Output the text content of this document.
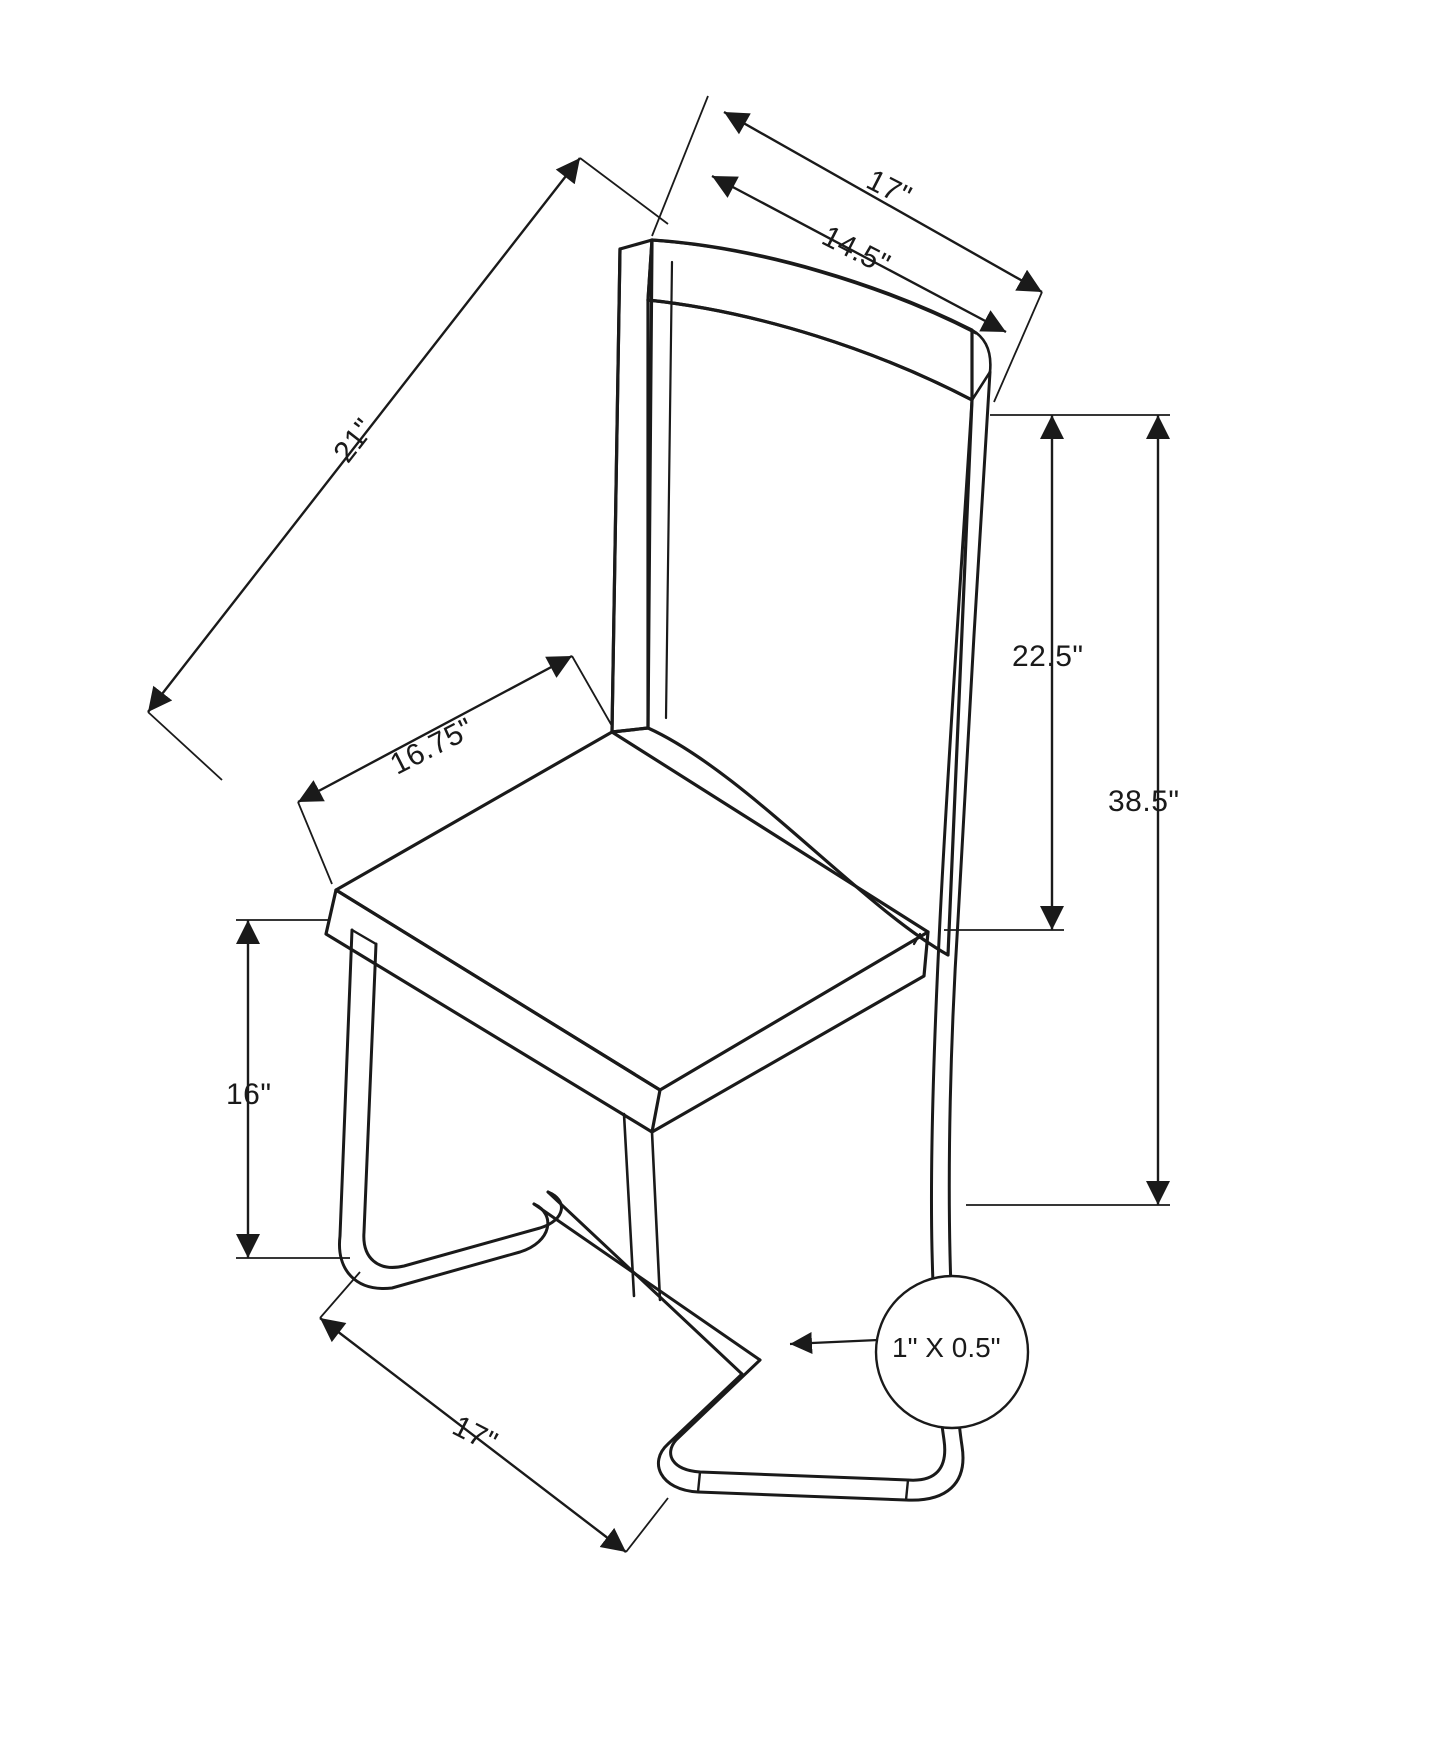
38.5"
22.5"
16"
21"
17"
14.5"
16.75"
17"
1" X 0.5"
